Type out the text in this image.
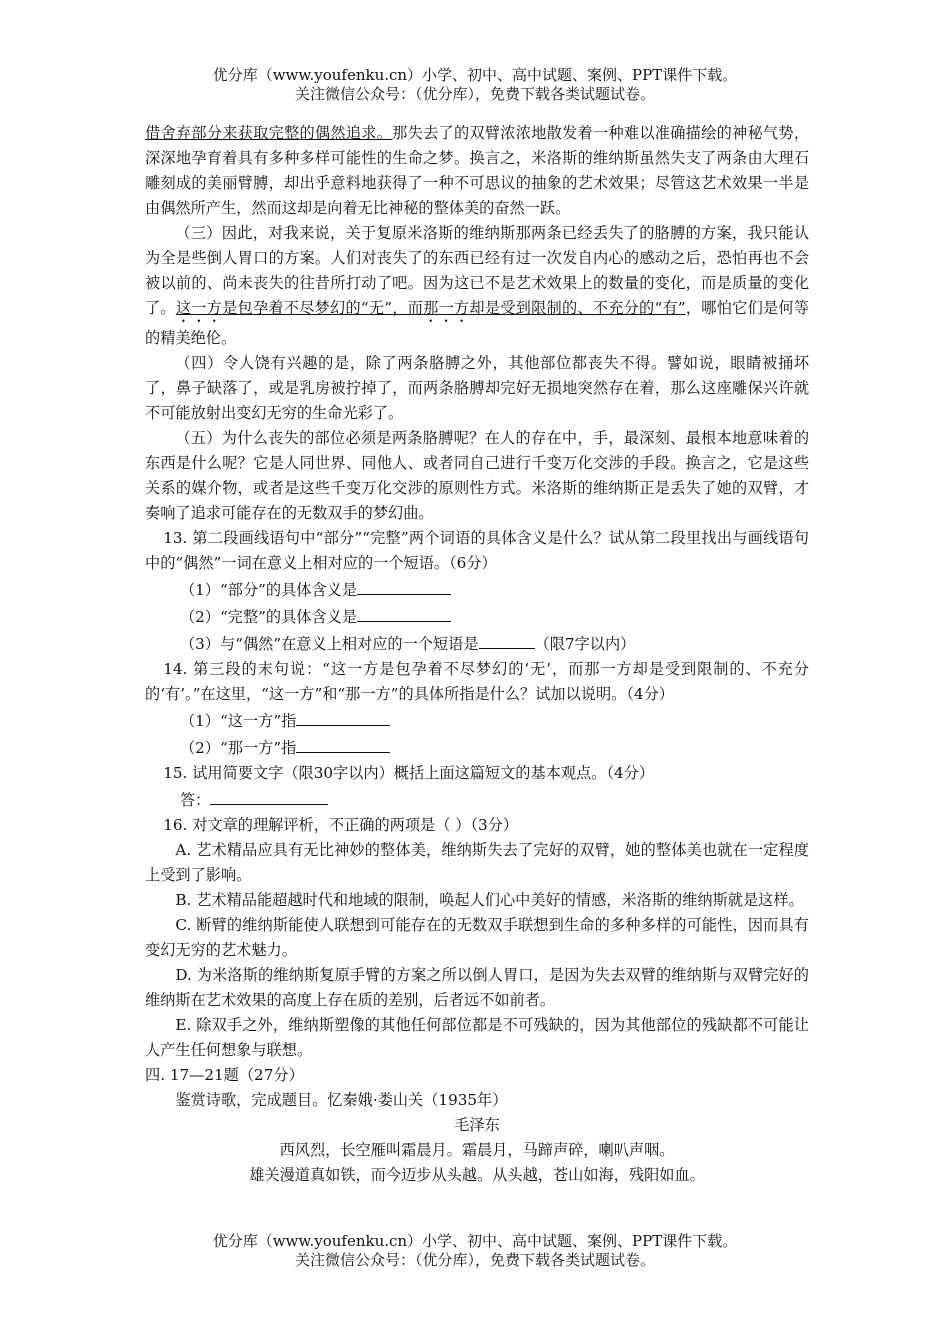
优分库（www.youfenku.cn）小学、初中、高中试题、案例、PPT课件下载。
关注微信公众号：（优分库），免费下载各类试题试卷。

借舍弃部分来获取完整的偶然追求。那失去了的双臂浓浓地散发着一种难以准确描绘的神秘气势，深深地孕育着具有多种多样可能性的生命之梦。换言之，米洛斯的维纳斯虽然失支了两条由大理石雕刻成的美丽臂膊，却出乎意料地获得了一种不可思议的抽象的艺术效果；尽管这艺术效果一半是由偶然所产生，然而这却是向着无比神秘的整体美的奋然一跃。

（三）因此，对我来说，关于复原米洛斯的维纳斯那两条已经丢失了的胳膊的方案，我只能认为全是些倒人胃口的方案。人们对丧失了的东西已经有过一次发自内心的感动之后，恐怕再也不会被以前的、尚未丧失的往昔所打动了吧。因为这已不是艺术效果上的数量的变化，而是质量的变化了。这一方是包孕着不尽梦幻的“无”，而那一方却是受到限制的、不充分的“有”，哪怕它们是何等的精美绝伦。

（四）令人饶有兴趣的是，除了两条胳膊之外，其他部位都丧失不得。譬如说，眼睛被捅坏了，鼻子缺落了，或是乳房被拧掉了，而两条胳膊却完好无损地突然存在着，那么这座雕保兴许就不可能放射出变幻无穷的生命光彩了。

（五）为什么丧失的部位必须是两条胳膊呢？在人的存在中，手，最深刻、最根本地意味着的东西是什么呢？它是人同世界、同他人、或者同自己进行千变万化交涉的手段。换言之，它是这些关系的媒介物，或者是这些千变万化交涉的原则性方式。米洛斯的维纳斯正是丢失了她的双臂，才奏响了追求可能存在的无数双手的梦幻曲。

13. 第二段画线语句中“部分”“完整”两个词语的具体含义是什么？试从第二段里找出与画线语句中的“偶然”一词在意义上相对应的一个短语。（6分）

（1）“部分”的具体含义是

（2）“完整”的具体含义是

（3）与“偶然”在意义上相对应的一个短语是	（限7字以内）

14. 第三段的末句说：“这一方是包孕着不尽梦幻的‘无’，而那一方却是受到限制的、不充分的‘有’。”在这里，“这一方”和“那一方”的具体所指是什么？试加以说明。（4分）

（1）“这一方”指

（2）“那一方”指

15. 试用简要文字（限30字以内）概括上面这篇短文的基本观点。（4分）

答：

16. 对文章的理解评析，不正确的两项是（ ）（3分）

A. 艺术精品应具有无比神妙的整体美，维纳斯失去了完好的双臂，她的整体美也就在一定程度上受到了影响。

B. 艺术精品能超越时代和地域的限制，唤起人们心中美好的情感，米洛斯的维纳斯就是这样。

C. 断臂的维纳斯能使人联想到可能存在的无数双手联想到生命的多种多样的可能性，因而具有变幻无穷的艺术魅力。

D. 为米洛斯的维纳斯复原手臂的方案之所以倒人胃口，是因为失去双臂的维纳斯与双臂完好的维纳斯在艺术效果的高度上存在质的差别，后者远不如前者。

E. 除双手之外，维纳斯塑像的其他任何部位都是不可残缺的，因为其他部位的残缺都不可能让人产生任何想象与联想。

四. 17—21题（27分）

鉴赏诗歌，完成题目。忆秦娥·娄山关（1935年）

毛泽东

西风烈，长空雁叫霜晨月。霜晨月，马蹄声碎，喇叭声咽。

雄关漫道真如铁，而今迈步从头越。从头越，苍山如海，残阳如血。

优分库（www.youfenku.cn）小学、初中、高中试题、案例、PPT课件下载。
关注微信公众号：（优分库），免费下载各类试题试卷。
